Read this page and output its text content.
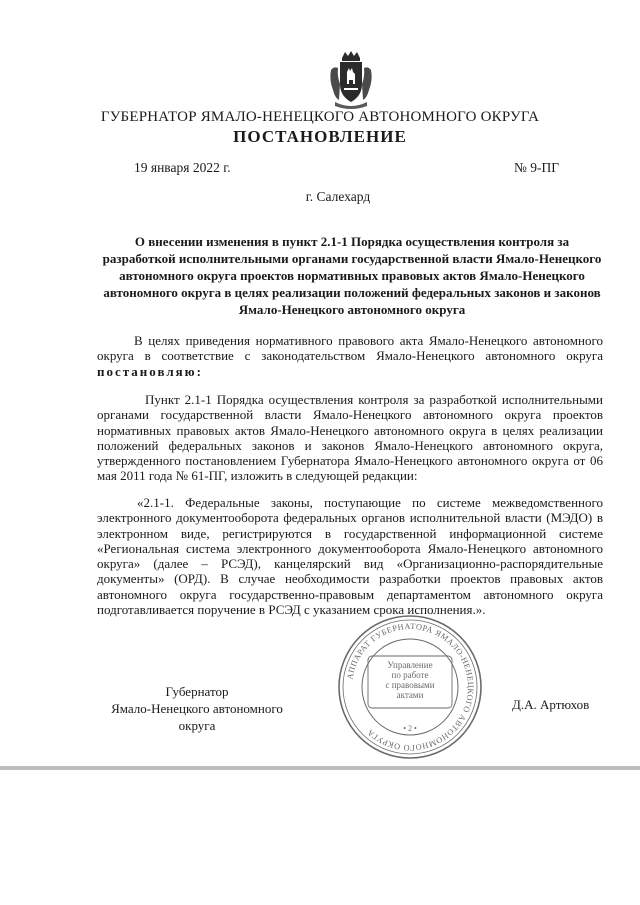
ГУБЕРНАТОР ЯМАЛО-НЕНЕЦКОГО АВТОНОМНОГО ОКРУГА
ПОСТАНОВЛЕНИЕ
19 января 2022 г.	№ 9-ПГ
г. Салехард
О внесении изменения в пункт 2.1-1 Порядка осуществления контроля за разработкой исполнительными органами государственной власти Ямало-Ненецкого автономного округа проектов нормативных правовых актов Ямало-Ненецкого автономного округа в целях реализации положений федеральных законов и законов Ямало-Ненецкого автономного округа

В целях приведения нормативного правового акта Ямало-Ненецкого автономного округа в соответствие с законодательством Ямало-Ненецкого автономного округа постановляю:

Пункт 2.1-1 Порядка осуществления контроля за разработкой исполнительными органами государственной власти Ямало-Ненецкого автономного округа проектов нормативных правовых актов Ямало-Ненецкого автономного округа в целях реализации положений федеральных законов и законов Ямало-Ненецкого автономного округа, утвержденного постановлением Губернатора Ямало-Ненецкого автономного округа от 06 мая 2011 года № 61-ПГ, изложить в следующей редакции:

«2.1-1. Федеральные законы, поступающие по системе межведомственного электронного документооборота федеральных органов исполнительной власти (МЭДО) в электронном виде, регистрируются в государственной информационной системе «Региональная система электронного документооборота Ямало-Ненецкого автономного округа» (далее – РСЭД), канцелярский вид «Организационно-распорядительные документы» (ОРД). В случае необходимости разработки проектов правовых актов автономного округа государственно-правовым департаментом автономного округа подготавливается поручение в РСЭД с указанием срока исполнения.».

Губернатор
Ямало-Ненецкого автономного округа
Д.А. Артюхов
АППАРАТ ГУБЕРНАТОРА ЯМАЛО-НЕНЕЦКОГО АВТОНОМНОГО ОКРУГА
Управление
по работе
с правовыми
актами
• 2 •
